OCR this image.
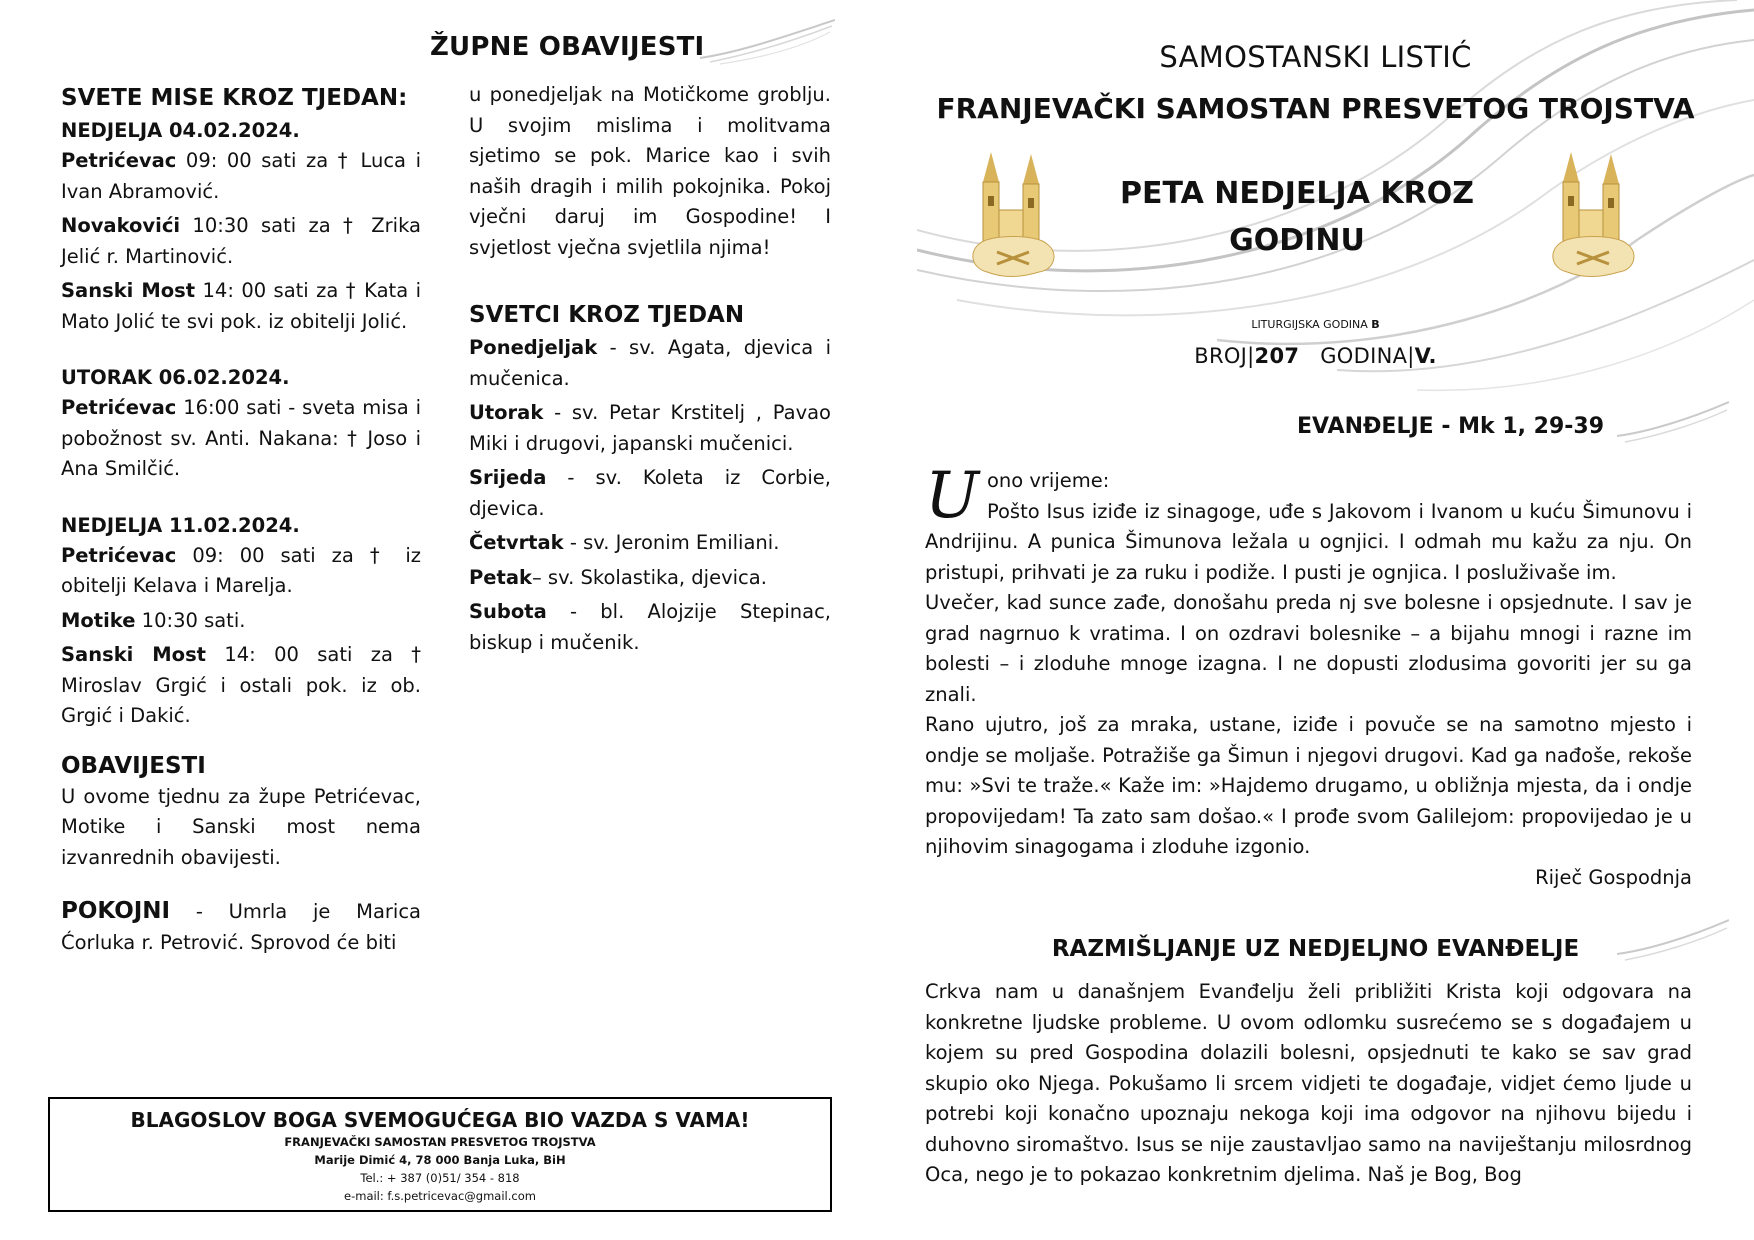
ŽUPNE OBAVIJESTI
SVETE MISE KROZ TJEDAN:
NEDJELJA 04.02.2024.
Petrićevac 09: 00 sati za † Luca i Ivan Abramović.
Novakovići 10:30 sati za † Zrika Jelić r. Martinović.
Sanski Most 14: 00 sati za † Kata i Mato Jolić te svi pok. iz obitelji Jolić.
UTORAK 06.02.2024.
Petrićevac 16:00 sati - sveta misa i pobožnost sv. Anti. Nakana: † Joso i Ana Smilčić.
NEDJELJA 11.02.2024.
Petrićevac 09: 00 sati za † iz obitelji Kelava i Marelja.
Motike 10:30 sati.
Sanski Most 14: 00 sati za † Miroslav Grgić i ostali pok. iz ob. Grgić i Dakić.
OBAVIJESTI
U ovome tjednu za župe Petrićevac, Motike i Sanski most nema izvanrednih obavijesti.
POKOJNI - Umrla je Marica Ćorluka r. Petrović. Sprovod će biti
u ponedjeljak na Motičkome groblju. U svojim mislima i molitvama sjetimo se pok. Marice kao i svih naših dragih i milih pokojnika. Pokoj vječni daruj im Gospodine! I svjetlost vječna svjetlila njima!
SVETCI KROZ TJEDAN
Ponedjeljak - sv. Agata, djevica i mučenica.
Utorak - sv. Petar Krstitelj , Pavao Miki i drugovi, japanski mučenici.
Srijeda - sv. Koleta iz Corbie, djevica.
Četvrtak - sv. Jeronim Emiliani.
Petak– sv. Skolastika, djevica.
Subota - bl. Alojzije Stepinac, biskup i mučenik.
BLAGOSLOV BOGA SVEMOGUĆEGA BIO VAZDA S VAMA!
FRANJEVAČKI SAMOSTAN PRESVETOG TROJSTVA
Marije Dimić 4, 78 000 Banja Luka, BiH
Tel.: + 387 (0)51/ 354 - 818
e-mail: f.s.petricevac@gmail.com
SAMOSTANSKI LISTIĆ
FRANJEVAČKI SAMOSTAN PRESVETOG TROJSTVA
PETA NEDJELJA KROZ
GODINU
LITURGIJSKA GODINA B
BROJ|207 GODINA|V.
EVANĐELJE - Mk 1, 29-39
U ono vrijeme:
Pošto Isus iziđe iz sinagoge, uđe s Jakovom i Ivanom u kuću Šimunovu i Andrijinu. A punica Šimunova ležala u ognjici. I odmah mu kažu za nju. On pristupi, prihvati je za ruku i podiže. I pusti je ognjica. I posluživaše im.
Uvečer, kad sunce zađe, donošahu preda nj sve bolesne i opsjednute. I sav je grad nagrnuo k vratima. I on ozdravi bolesnike – a bijahu mnogi i razne im bolesti – i zloduhe mnoge izagna. I ne dopusti zlodusima govoriti jer su ga znali.
Rano ujutro, još za mraka, ustane, iziđe i povuče se na samotno mjesto i ondje se moljaše. Potražiše ga Šimun i njegovi drugovi. Kad ga nađoše, rekoše mu: »Svi te traže.« Kaže im: »Hajdemo drugamo, u obližnja mjesta, da i ondje propovijedam! Ta zato sam došao.« I prođe svom Galilejom: propovijedao je u njihovim sinagogama i zloduhe izgonio.
Riječ Gospodnja
RAZMIŠLJANJE UZ NEDJELJNO EVANĐELJE
Crkva nam u današnjem Evanđelju želi približiti Krista koji odgovara na konkretne ljudske probleme. U ovom odlomku susrećemo se s događajem u kojem su pred Gospodina dolazili bolesni, opsjednuti te kako se sav grad skupio oko Njega. Pokušamo li srcem vidjeti te događaje, vidjet ćemo ljude u potrebi koji konačno upoznaju nekoga koji ima odgovor na njihovu bijedu i duhovno siromaštvo. Isus se nije zaustavljao samo na naviještanju milosrdnog Oca, nego je to pokazao konkretnim djelima. Naš je Bog, Bog
